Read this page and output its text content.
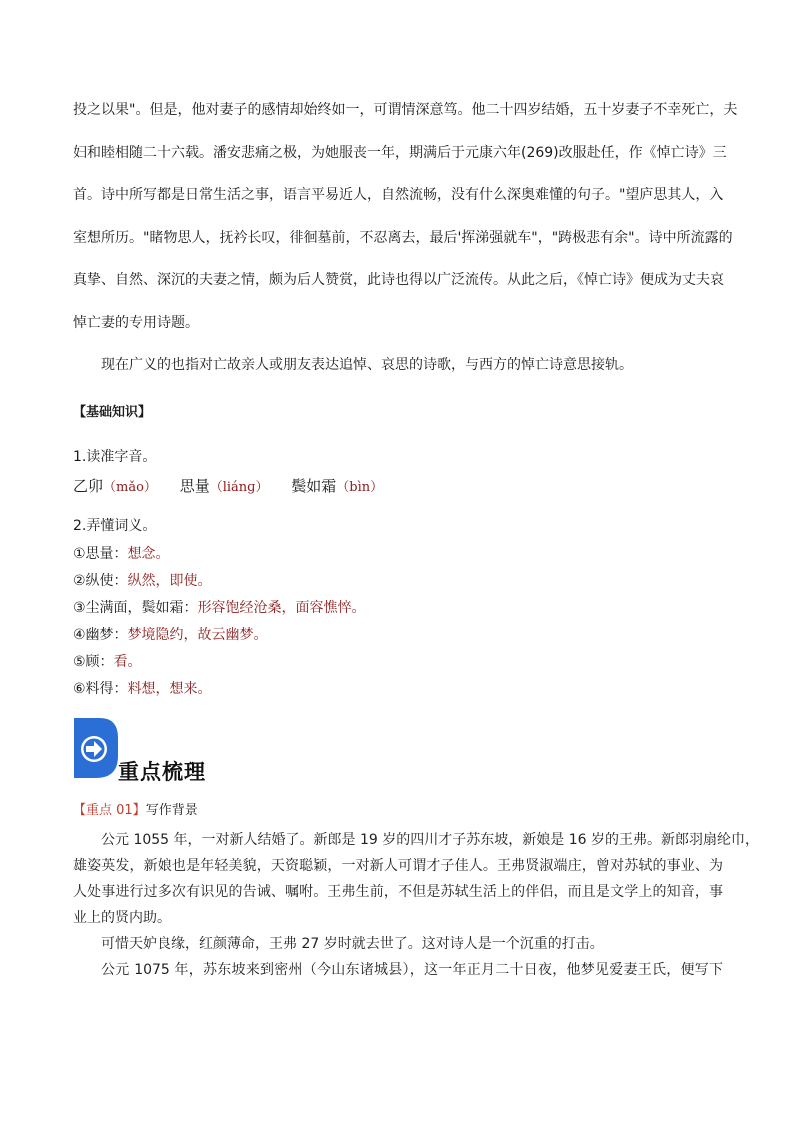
投之以果"。但是，他对妻子的感情却始终如一，可谓情深意笃。他二十四岁结婚，五十岁妻子不幸死亡，夫
妇和睦相随二十六载。潘安悲痛之极，为她服丧一年，期满后于元康六年(269)改服赴任，作《悼亡诗》三
首。诗中所写都是日常生活之事，语言平易近人，自然流畅，没有什么深奥难懂的句子。"望庐思其人，入
室想所历。"睹物思人，抚衿长叹，徘徊墓前，不忍离去，最后'挥涕强就车"，"踌极悲有余"。诗中所流露的
真挚、自然、深沉的夫妻之情，颇为后人赞赏，此诗也得以广泛流传。从此之后，《悼亡诗》便成为丈夫哀
悼亡妻的专用诗题。

现在广义的也指对亡故亲人或朋友表达追悼、哀思的诗歌，与西方的悼亡诗意思接轨。

【基础知识】

1.读准字音。

乙卯（mǎo） 思量（liánɡ） 鬓如霜（bìn）

2.弄懂词义。

①思量：想念。
②纵使：纵然，即使。
③尘满面，鬓如霜：形容饱经沧桑，面容憔悴。
④幽梦：梦境隐约，故云幽梦。
⑤顾：看。
⑥料得：料想，想来。
重点梳理
【重点 01】写作背景
公元 1055 年，一对新人结婚了。新郎是 19 岁的四川才子苏东坡，新娘是 16 岁的王弗。新郎羽扇纶巾，
雄姿英发，新娘也是年轻美貌，天资聪颖，一对新人可谓才子佳人。王弗贤淑端庄，曾对苏轼的事业、为
人处事进行过多次有识见的告诫、嘱咐。王弗生前，不但是苏轼生活上的伴侣，而且是文学上的知音，事
业上的贤内助。
可惜天妒良缘，红颜薄命，王弗 27 岁时就去世了。这对诗人是一个沉重的打击。
公元 1075 年，苏东坡来到密州（今山东诸城县），这一年正月二十日夜，他梦见爱妻王氏，便写下
